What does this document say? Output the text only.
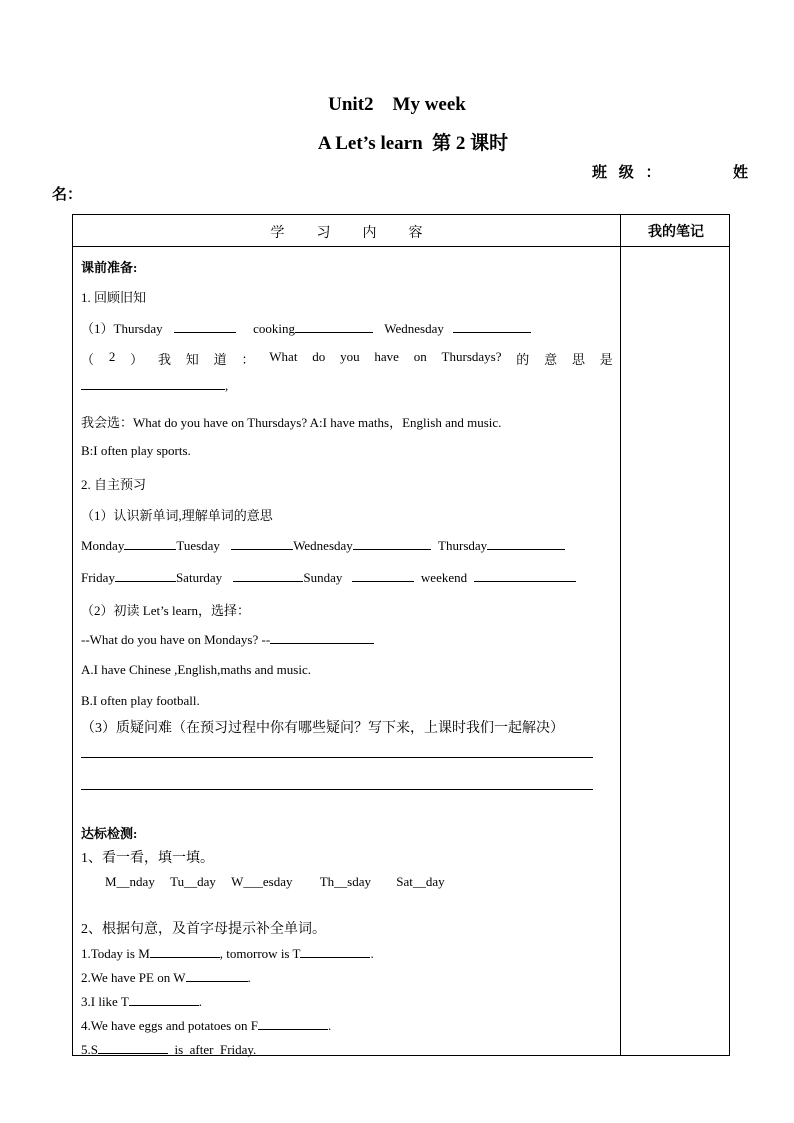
Unit2    My week
A Let’s learn  第 2 课时
班 级 ：	姓
名：
学 习 内 容	我的笔记
课前准备:
1. 回顾旧知
（1）Thursday	cooking	Wednesday
（ 2 ） 我 知 道 ： What do you have on Thursdays? 的 意 思 是
,
我会选：What do you have on Thursdays? A:I have maths，English and music.
B:I often play sports.
2. 自主预习
（1）认识新单词,理解单词的意思
Monday	Tuesday	Wednesday	Thursday
Friday	Saturday	Sunday	weekend
（2）初读 Let’s learn，选择：
--What do you have on Mondays? --
A.I have Chinese ,English,maths and music.
B.I often play football.
（3）质疑问难（在预习过程中你有哪些疑问？写下来，上课时我们一起解决）
达标检测:
1、看一看，填一填。
M__nday Tu__day W___esday Th__sday Sat__day
2、根据句意，及首字母提示补全单词。
1.Today is M	, tomorrow is T	.
2.We have PE on W	.
3.I like T	.
4.We have eggs and potatoes on F	.
5.S	is  after  Friday.
